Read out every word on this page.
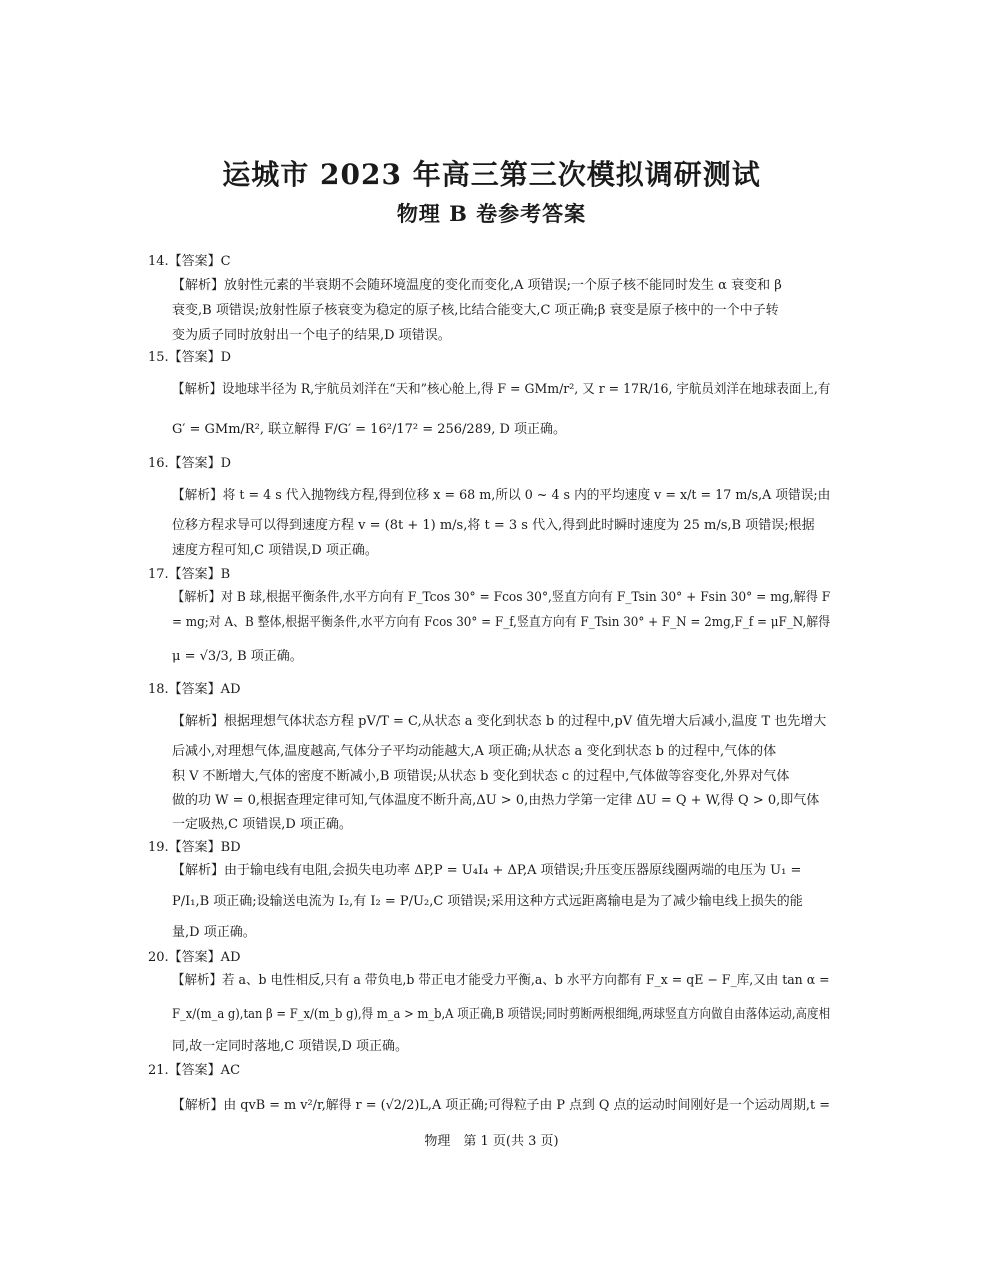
运城市 2023 年高三第三次模拟调研测试
物理 B 卷参考答案
14.【答案】C
【解析】放射性元素的半衰期不会随环境温度的变化而变化,A 项错误;一个原子核不能同时发生 α 衰变和 β
衰变,B 项错误;放射性原子核衰变为稳定的原子核,比结合能变大,C 项正确;β 衰变是原子核中的一个中子转
变为质子同时放射出一个电子的结果,D 项错误。
15.【答案】D
【解析】设地球半径为 R,宇航员刘洋在“天和”核心舱上,得 F = GMm/r², 又 r = 17R/16, 宇航员刘洋在地球表面上,有
G′ = GMm/R², 联立解得 F/G′ = 16²/17² = 256/289, D 项正确。
16.【答案】D
【解析】将 t = 4 s 代入抛物线方程,得到位移 x = 68 m,所以 0 ~ 4 s 内的平均速度 v = x/t = 17 m/s,A 项错误;由
位移方程求导可以得到速度方程 v = (8t + 1) m/s,将 t = 3 s 代入,得到此时瞬时速度为 25 m/s,B 项错误;根据
速度方程可知,C 项错误,D 项正确。
17.【答案】B
【解析】对 B 球,根据平衡条件,水平方向有 F_Tcos 30° = Fcos 30°,竖直方向有 F_Tsin 30° + Fsin 30° = mg,解得 F
= mg;对 A、B 整体,根据平衡条件,水平方向有 Fcos 30° = F_f,竖直方向有 F_Tsin 30° + F_N = 2mg,F_f = μF_N,解得
μ = √3/3, B 项正确。
18.【答案】AD
【解析】根据理想气体状态方程 pV/T = C,从状态 a 变化到状态 b 的过程中,pV 值先增大后减小,温度 T 也先增大
后减小,对理想气体,温度越高,气体分子平均动能越大,A 项正确;从状态 a 变化到状态 b 的过程中,气体的体
积 V 不断增大,气体的密度不断减小,B 项错误;从状态 b 变化到状态 c 的过程中,气体做等容变化,外界对气体
做的功 W = 0,根据查理定律可知,气体温度不断升高,ΔU > 0,由热力学第一定律 ΔU = Q + W,得 Q > 0,即气体
一定吸热,C 项错误,D 项正确。
19.【答案】BD
【解析】由于输电线有电阻,会损失电功率 ΔP,P = U₄I₄ + ΔP,A 项错误;升压变压器原线圈两端的电压为 U₁ =
P/I₁,B 项正确;设输送电流为 I₂,有 I₂ = P/U₂,C 项错误;采用这种方式远距离输电是为了减少输电线上损失的能
量,D 项正确。
20.【答案】AD
【解析】若 a、b 电性相反,只有 a 带负电,b 带正电才能受力平衡,a、b 水平方向都有 F_x = qE − F_库,又由 tan α =
F_x/(m_a g),tan β = F_x/(m_b g),得 m_a > m_b,A 项正确,B 项错误;同时剪断两根细绳,两球竖直方向做自由落体运动,高度相
同,故一定同时落地,C 项错误,D 项正确。
21.【答案】AC
【解析】由 qvB = m v²/r,解得 r = (√2/2)L,A 项正确;可得粒子由 P 点到 Q 点的运动时间刚好是一个运动周期,t =
物理　第 1 页(共 3 页)
